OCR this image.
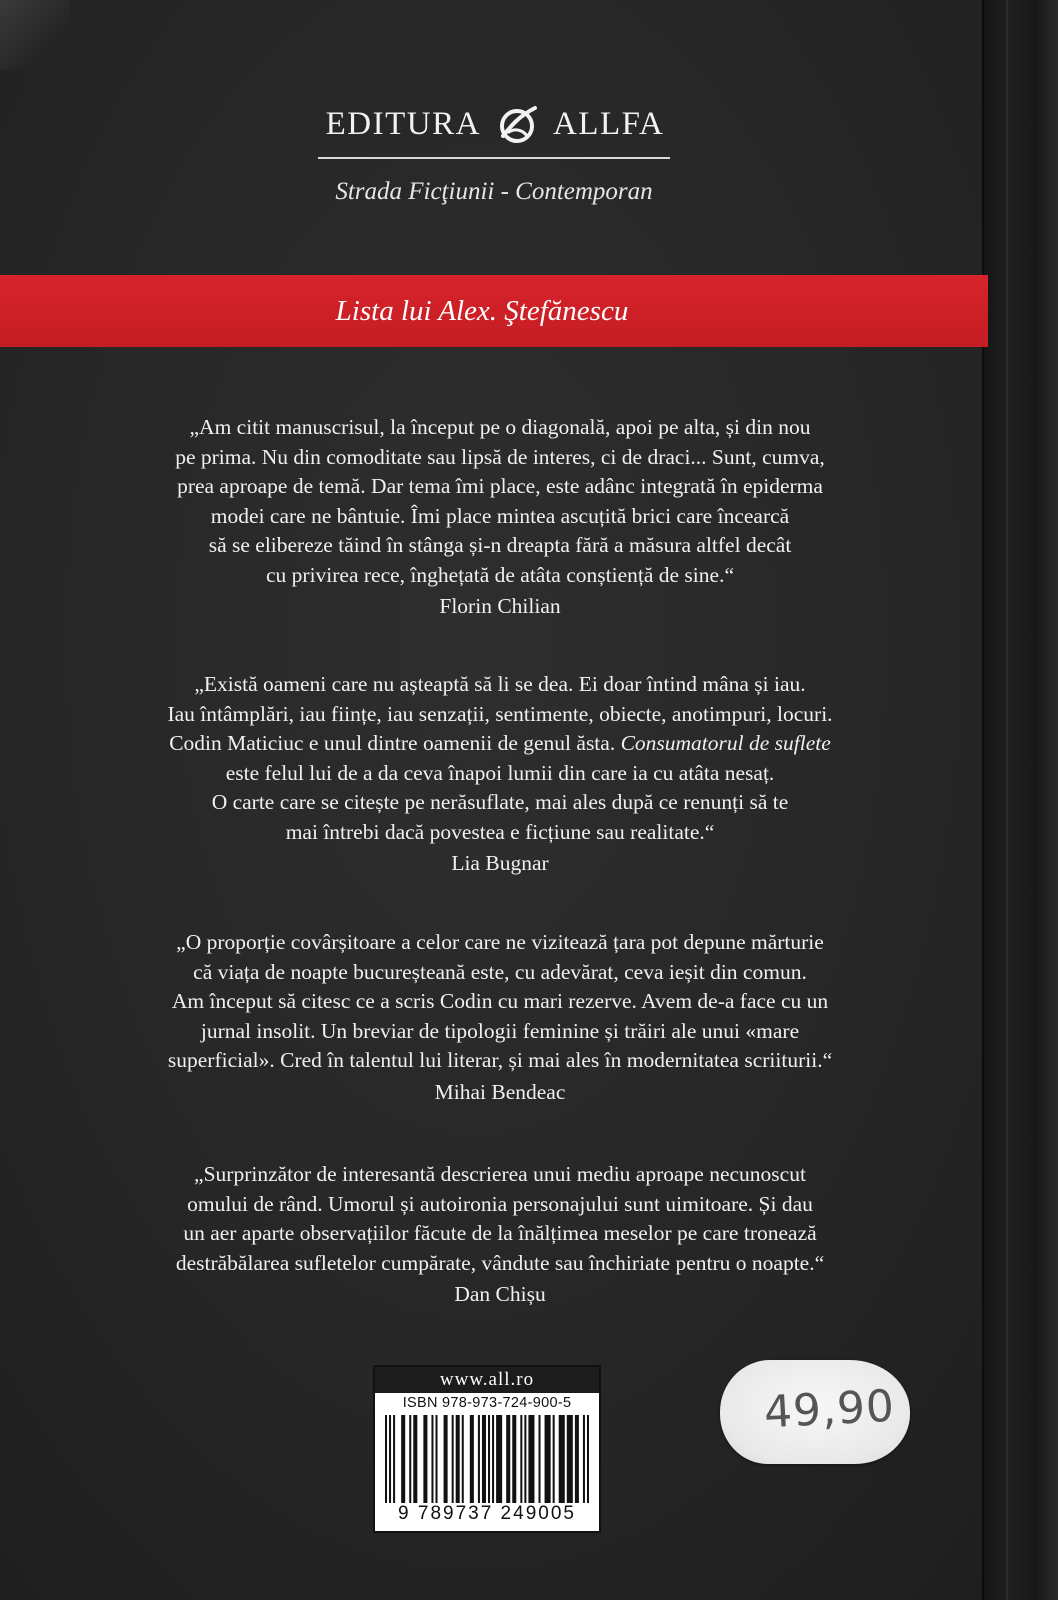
EDITURA ALLFA
Strada Ficţiunii - Contemporan
Lista lui Alex. Ştefănescu
„Am citit manuscrisul, la început pe o diagonală, apoi pe alta, și din nou
pe prima. Nu din comoditate sau lipsă de interes, ci de draci... Sunt, cumva,
prea aproape de temă. Dar tema îmi place, este adânc integrată în epiderma
modei care ne bântuie. Îmi place mintea ascuțită brici care încearcă
să se elibereze tăind în stânga și-n dreapta fără a măsura altfel decât
cu privirea rece, înghețată de atâta conștiență de sine.“
Florin Chilian
„Există oameni care nu așteaptă să li se dea. Ei doar întind mâna și iau.
Iau întâmplări, iau ființe, iau senzații, sentimente, obiecte, anotimpuri, locuri.
Codin Maticiuc e unul dintre oamenii de genul ăsta. Consumatorul de suflete
este felul lui de a da ceva înapoi lumii din care ia cu atâta nesaț.
O carte care se citește pe nerăsuflate, mai ales după ce renunți să te
mai întrebi dacă povestea e ficțiune sau realitate.“
Lia Bugnar
„O proporție covârșitoare a celor care ne vizitează țara pot depune mărturie
că viața de noapte bucureșteană este, cu adevărat, ceva ieșit din comun.
Am început să citesc ce a scris Codin cu mari rezerve. Avem de-a face cu un
jurnal insolit. Un breviar de tipologii feminine și trăiri ale unui «mare
superficial». Cred în talentul lui literar, și mai ales în modernitatea scriiturii.“
Mihai Bendeac
„Surprinzător de interesantă descrierea unui mediu aproape necunoscut
omului de rând. Umorul și autoironia personajului sunt uimitoare. Și dau
un aer aparte observațiilor făcute de la înălțimea meselor pe care tronează
destrăbălarea sufletelor cumpărate, vândute sau închiriate pentru o noapte.“
Dan Chișu
www.all.ro
ISBN 978-973-724-900-5
9 789737 249005
49,90
